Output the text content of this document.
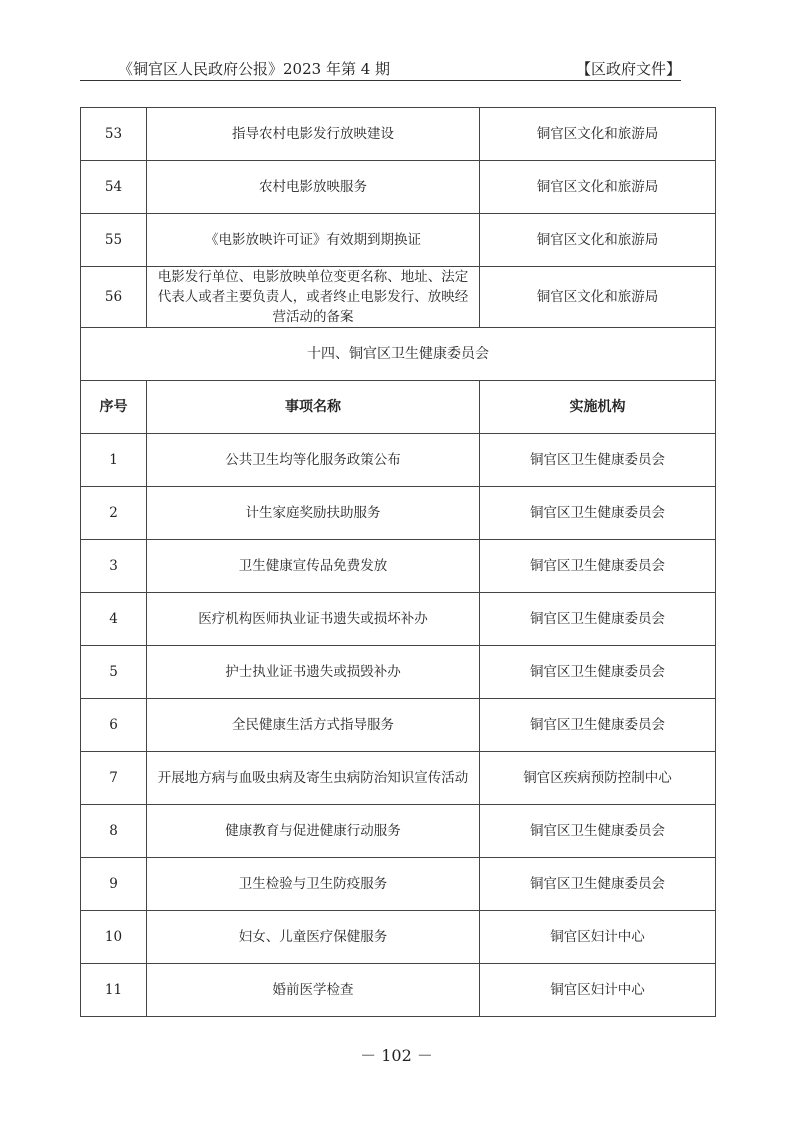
《铜官区人民政府公报》2023 年第 4 期	【区政府文件】
53	指导农村电影发行放映建设	铜官区文化和旅游局
54	农村电影放映服务	铜官区文化和旅游局
55	《电影放映许可证》有效期到期换证	铜官区文化和旅游局
56	电影发行单位、电影放映单位变更名称、地址、法定代表人或者主要负责人，或者终止电影发行、放映经营活动的备案	铜官区文化和旅游局
十四、铜官区卫生健康委员会		
序号	事项名称	实施机构
1	公共卫生均等化服务政策公布	铜官区卫生健康委员会
2	计生家庭奖励扶助服务	铜官区卫生健康委员会
3	卫生健康宣传品免费发放	铜官区卫生健康委员会
4	医疗机构医师执业证书遗失或损坏补办	铜官区卫生健康委员会
5	护士执业证书遗失或损毁补办	铜官区卫生健康委员会
6	全民健康生活方式指导服务	铜官区卫生健康委员会
7	开展地方病与血吸虫病及寄生虫病防治知识宣传活动	铜官区疾病预防控制中心
8	健康教育与促进健康行动服务	铜官区卫生健康委员会
9	卫生检验与卫生防疫服务	铜官区卫生健康委员会
10	妇女、儿童医疗保健服务	铜官区妇计中心
11	婚前医学检查	铜官区妇计中心
－ 102 －
